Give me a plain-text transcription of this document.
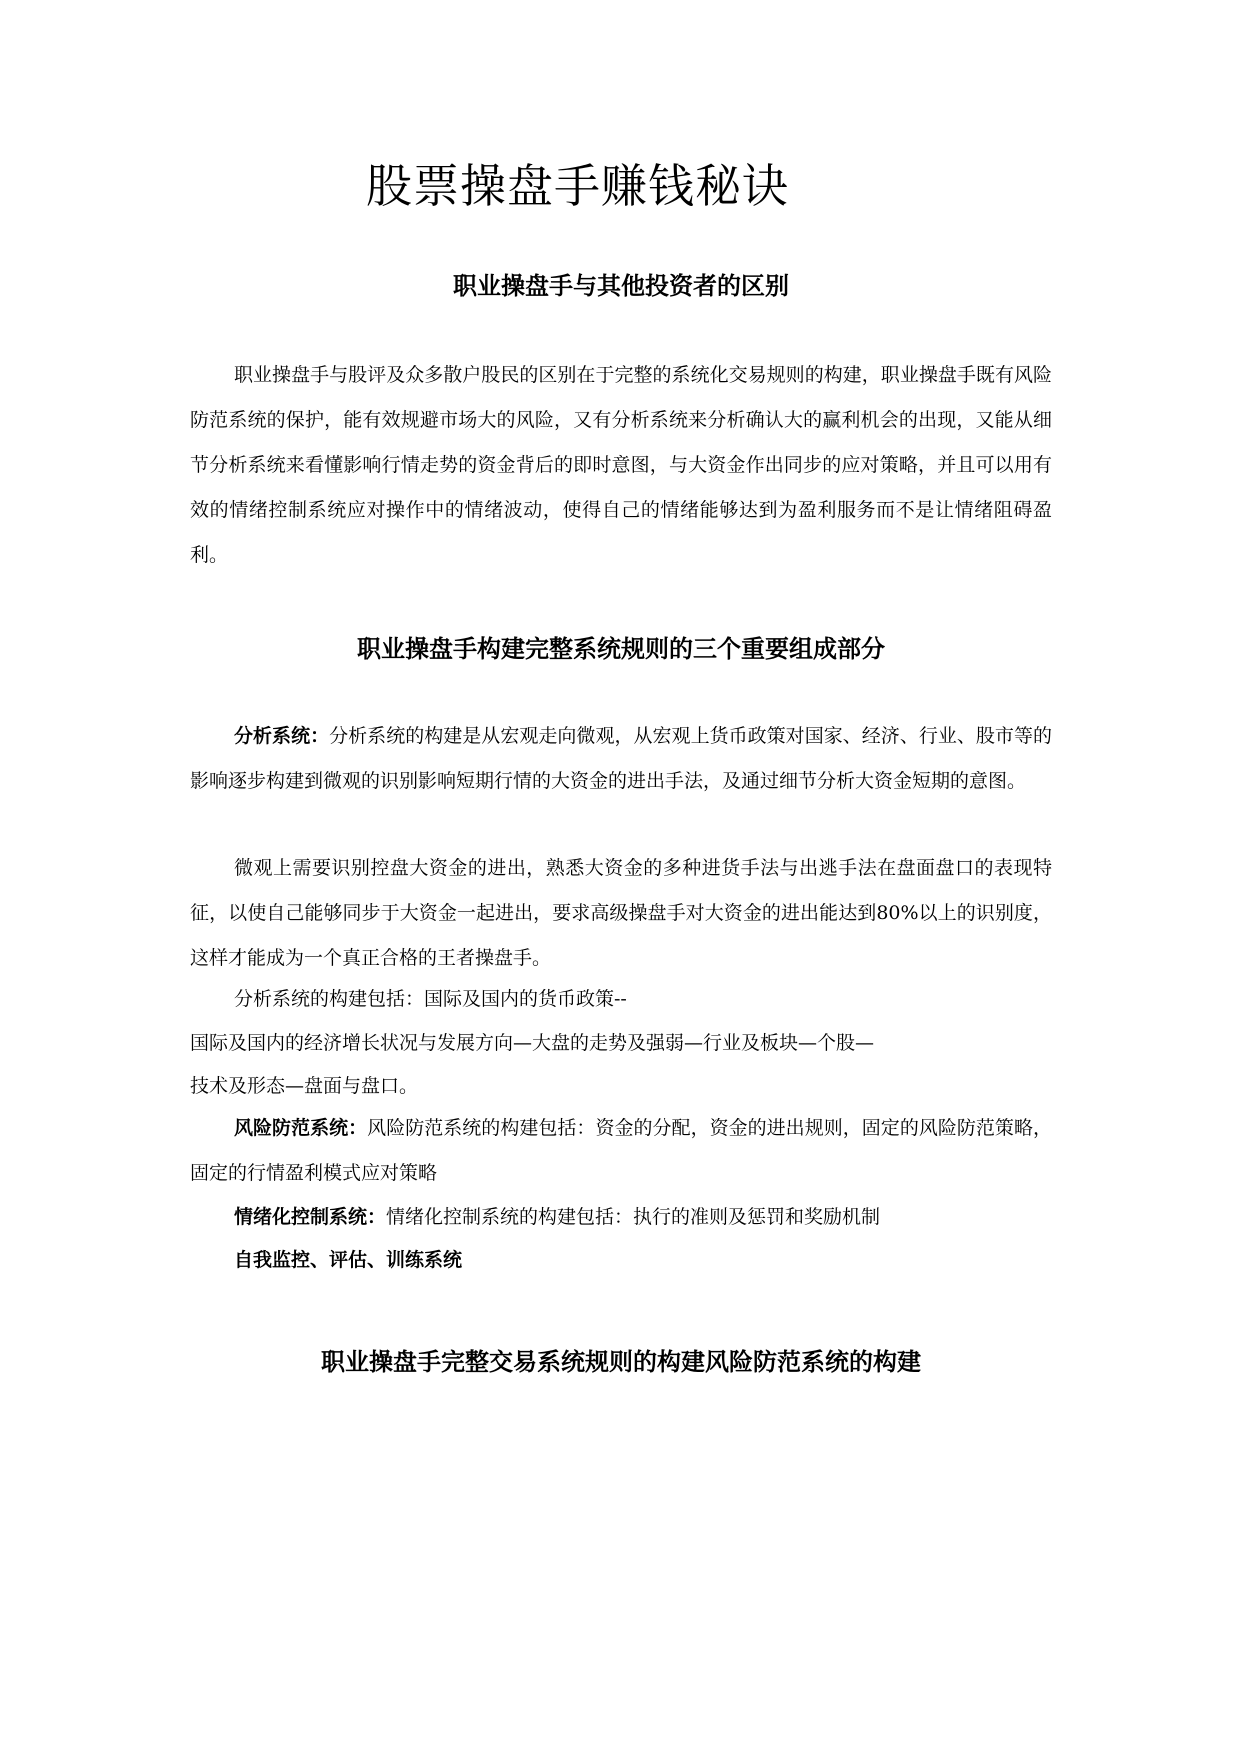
股票操盘手赚钱秘诀
职业操盘手与其他投资者的区别

职业操盘手与股评及众多散户股民的区别在于完整的系统化交易规则的构建，职业操盘手既有风险防范系统的保护，能有效规避市场大的风险，又有分析系统来分析确认大的赢利机会的出现，又能从细节分析系统来看懂影响行情走势的资金背后的即时意图，与大资金作出同步的应对策略，并且可以用有效的情绪控制系统应对操作中的情绪波动，使得自己的情绪能够达到为盈利服务而不是让情绪阻碍盈利。

职业操盘手构建完整系统规则的三个重要组成部分

分析系统：分析系统的构建是从宏观走向微观，从宏观上货币政策对国家、经济、行业、股市等的影响逐步构建到微观的识别影响短期行情的大资金的进出手法，及通过细节分析大资金短期的意图。

微观上需要识别控盘大资金的进出，熟悉大资金的多种进货手法与出逃手法在盘面盘口的表现特征，以使自己能够同步于大资金一起进出，要求高级操盘手对大资金的进出能达到80%以上的识别度，这样才能成为一个真正合格的王者操盘手。

分析系统的构建包括：国际及国内的货币政策--

国际及国内的经济增长状况与发展方向—大盘的走势及强弱—行业及板块—个股—

技术及形态—盘面与盘口。

风险防范系统：风险防范系统的构建包括：资金的分配，资金的进出规则，固定的风险防范策略，固定的行情盈利模式应对策略

情绪化控制系统：情绪化控制系统的构建包括：执行的准则及惩罚和奖励机制

自我监控、评估、训练系统

职业操盘手完整交易系统规则的构建风险防范系统的构建
